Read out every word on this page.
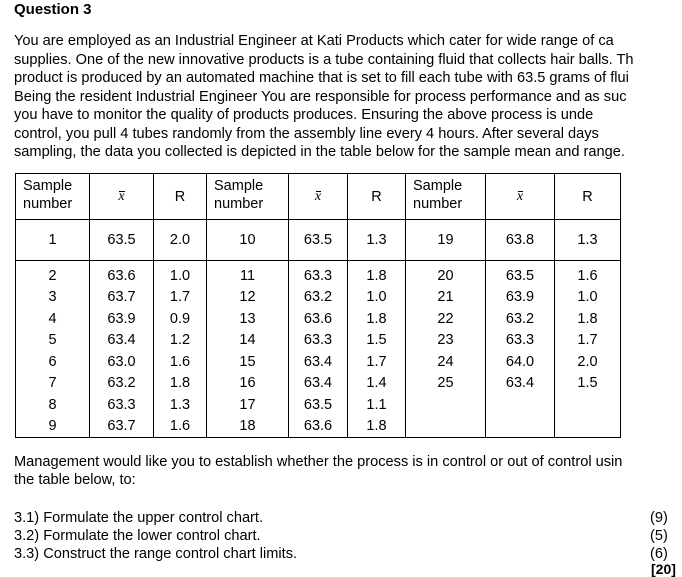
Question 3
You are employed as an Industrial Engineer at Kati Products which cater for wide range of ca
supplies. One of the new innovative products is a tube containing fluid that collects hair balls. Th
product is produced by an automated machine that is set to fill each tube with 63.5 grams of flui
Being the resident Industrial Engineer You are responsible for process performance and as suc
you have to monitor the quality of products produces. Ensuring the above process is unde
control, you pull 4 tubes randomly from the assembly line every 4 hours. After several days
sampling, the data you collected is depicted in the table below for the sample mean and range.
Sample
number	x	R	Sample
number	x	R	Sample
number	x	R
1	63.5	2.0	10	63.5	1.3	19	63.8	1.3
2	63.6	1.0	11	63.3	1.8	20	63.5	1.6
3	63.7	1.7	12	63.2	1.0	21	63.9	1.0
4	63.9	0.9	13	63.6	1.8	22	63.2	1.8
5	63.4	1.2	14	63.3	1.5	23	63.3	1.7
6	63.0	1.6	15	63.4	1.7	24	64.0	2.0
7	63.2	1.8	16	63.4	1.4	25	63.4	1.5
8	63.3	1.3	17	63.5	1.1			
9	63.7	1.6	18	63.6	1.8			
Management would like you to establish whether the process is in control or out of control usin
the table below, to:
3.1) Formulate the upper control chart.
3.2) Formulate the lower control chart.
3.3) Construct the range control chart limits.
(9)
(5)
(6)
[20]
